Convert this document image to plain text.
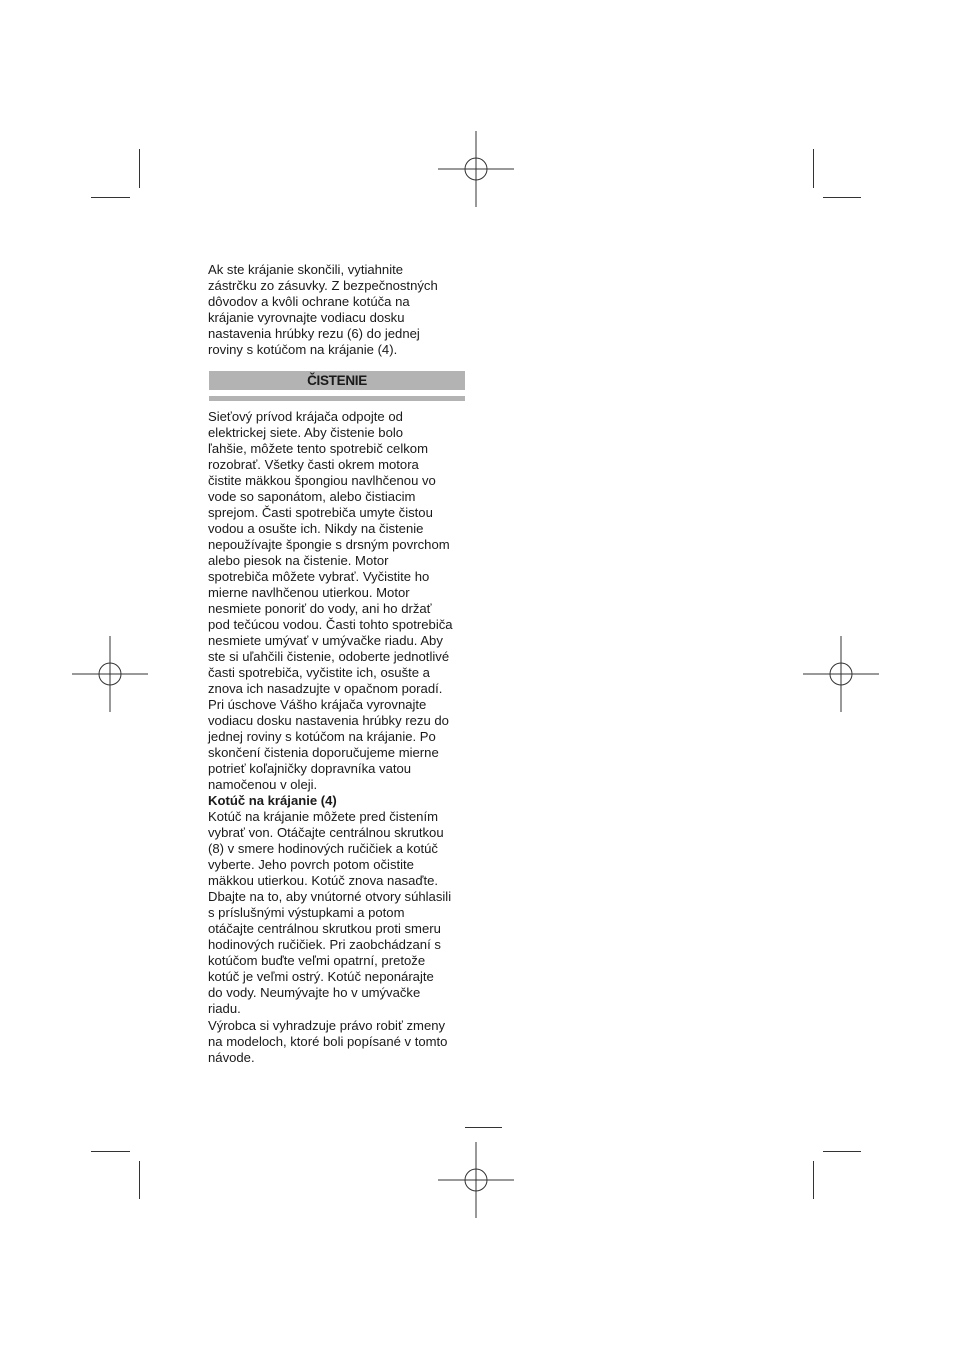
Ak ste krájanie skončili, vytiahnite
zástrčku zo zásuvky. Z bezpečnostných
dôvodov a kvôli ochrane kotúča na
krájanie vyrovnajte vodiacu dosku
nastavenia hrúbky rezu (6) do jednej
roviny s kotúčom na krájanie (4).
ČISTENIE
Sieťový prívod krájača odpojte od
elektrickej siete. Aby čistenie bolo
ľahšie, môžete tento spotrebič celkom
rozobrať. Všetky časti okrem motora
čistite mäkkou špongiou navlhčenou vo
vode so saponátom, alebo čistiacim
sprejom. Časti spotrebiča umyte čistou
vodou a osušte ich. Nikdy na čistenie
nepoužívajte špongie s drsným povrchom
alebo piesok na čistenie. Motor
spotrebiča môžete vybrať. Vyčistite ho
mierne navlhčenou utierkou. Motor
nesmiete ponoriť do vody, ani ho držať
pod tečúcou vodou. Časti tohto spotrebiča
nesmiete umývať v umývačke riadu. Aby
ste si uľahčili čistenie, odoberte jednotlivé
časti spotrebiča, vyčistite ich, osušte a
znova ich nasadzujte v opačnom poradí.
Pri úschove Vášho krájača vyrovnajte
vodiacu dosku nastavenia hrúbky rezu do
jednej roviny s kotúčom na krájanie. Po
skončení čistenia doporučujeme mierne
potrieť koľajničky dopravníka vatou
namočenou v oleji.
Kotúč na krájanie (4)
Kotúč na krájanie môžete pred čistením
vybrať von. Otáčajte centrálnou skrutkou
(8) v smere hodinových ručičiek a kotúč
vyberte. Jeho povrch potom očistite
mäkkou utierkou. Kotúč znova nasaďte.
Dbajte na to, aby vnútorné otvory súhlasili
s príslušnými výstupkami a potom
otáčajte centrálnou skrutkou proti smeru
hodinových ručičiek. Pri zaobchádzaní s
kotúčom buďte veľmi opatrní, pretože
kotúč je veľmi ostrý. Kotúč neponárajte
do vody. Neumývajte ho v umývačke
riadu.
Výrobca si vyhradzuje právo robiť zmeny
na modeloch, ktoré boli popísané v tomto
návode.
